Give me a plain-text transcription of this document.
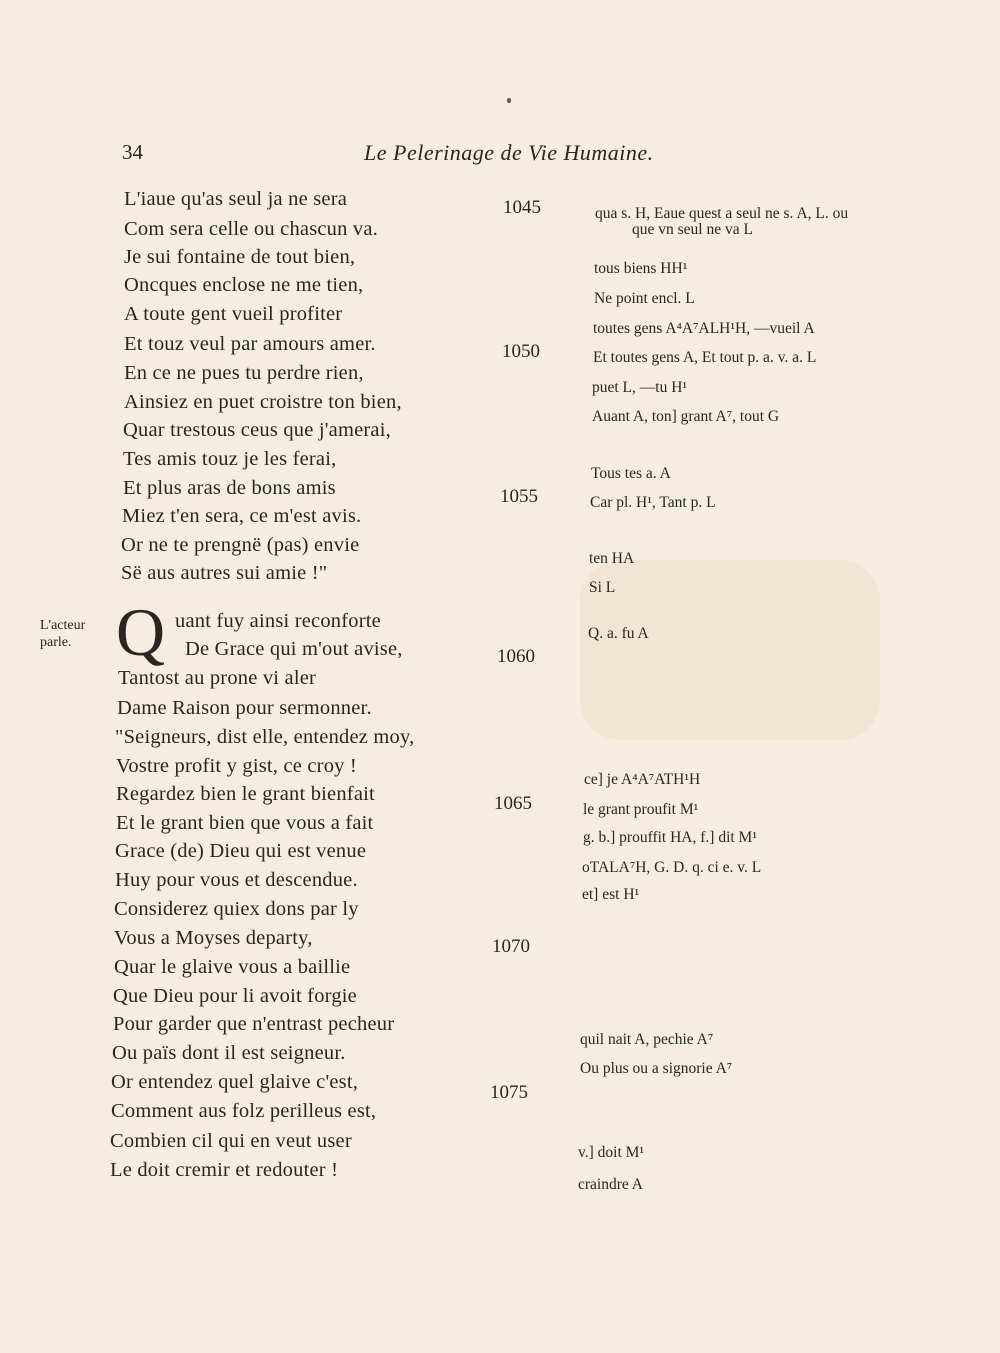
34	Le Pelerinage de Vie Humaine.
L'acteur
parle. Q
L'iaue qu'as seul ja ne sera
Com sera celle ou chascun va.
Je sui fontaine de tout bien,
Oncques enclose ne me tien,
A toute gent vueil profiter
Et touz veul par amours amer.
En ce ne pues tu perdre rien,
Ainsiez en puet croistre ton bien,
Quar trestous ceus que j'amerai,
Tes amis touz je les ferai,
Et plus aras de bons amis
Miez t'en sera, ce m'est avis.
Or ne te prengnë (pas) envie
Së aus autres sui amie !"
uant fuy ainsi reconforte
De Grace qui m'out avise,
Tantost au prone vi aler
Dame Raison pour sermonner.
"Seigneurs, dist elle, entendez moy,
Vostre profit y gist, ce croy !
Regardez bien le grant bienfait
Et le grant bien que vous a fait
Grace (de) Dieu qui est venue
Huy pour vous et descendue.
Considerez quiex dons par ly
Vous a Moyses departy,
Quar le glaive vous a baillie
Que Dieu pour li avoit forgie
Pour garder que n'entrast pecheur
Ou païs dont il est seigneur.
Or entendez quel glaive c'est,
Comment aus folz perilleus est,
Combien cil qui en veut user
Le doit cremir et redouter !
1045
1050
1055
1060
1065
1070
1075
qua s. H, Eaue quest a seul ne s. A, L. ou
que vn seul ne va L
tous biens HH¹
Ne point encl. L
toutes gens A⁴A⁷ALH¹H, —vueil A
Et toutes gens A, Et tout p. a. v. a. L
puet L, —tu H¹
Auant A, ton] grant A⁷, tout G
Tous tes a. A
Car pl. H¹, Tant p. L
ten HA
Si L
Q. a. fu A
ce] je A⁴A⁷ATH¹H
le grant proufit M¹
g. b.] prouffit HA, f.] dit M¹
oTALA⁷H, G. D. q. ci e. v. L
et] est H¹
quil nait A, pechie A⁷
Ou plus ou a signorie A⁷
v.] doit M¹
craindre A
